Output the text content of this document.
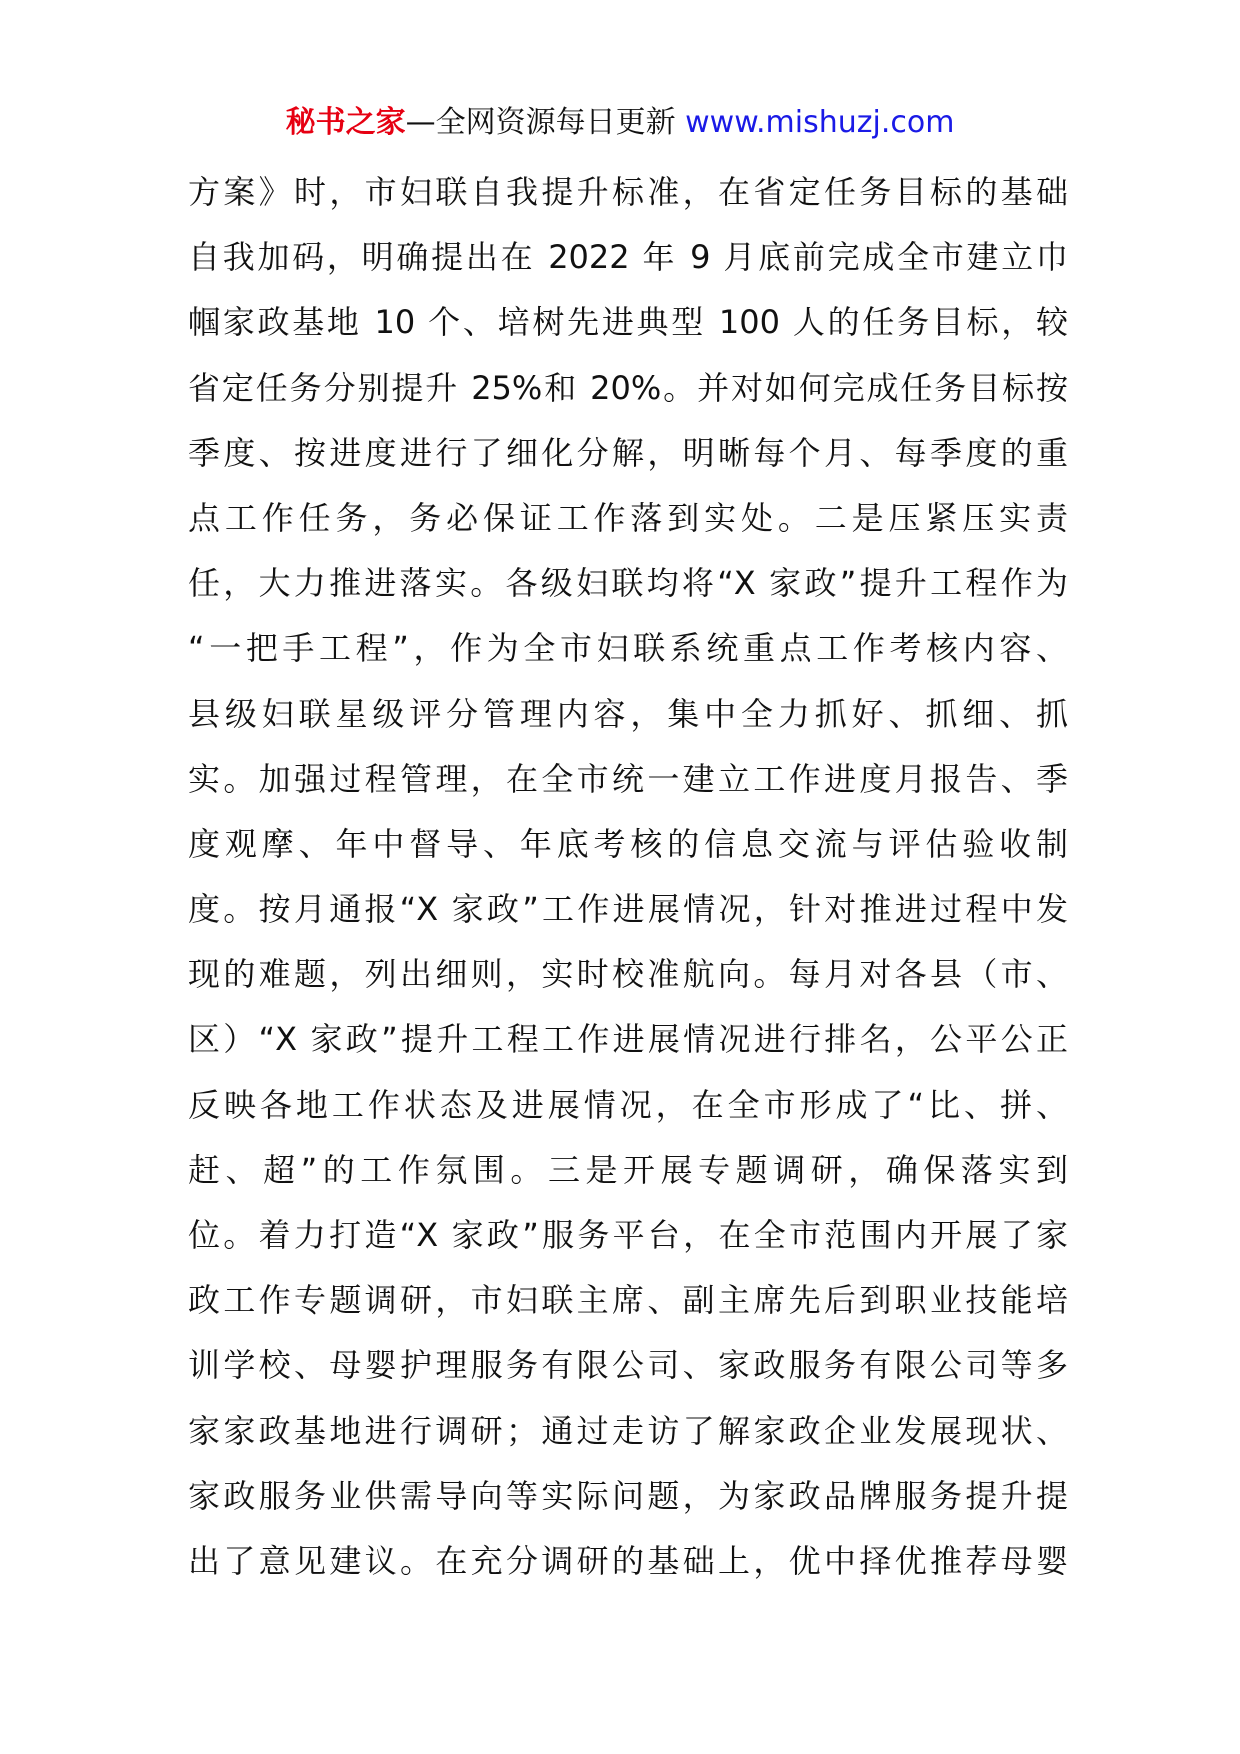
秘书之家—全网资源每日更新 www.mishuzj.com
方案》时，市妇联自我提升标准，在省定任务目标的基础
自我加码，明确提出在 2022 年 9 月底前完成全市建立巾
帼家政基地 10 个、培树先进典型 100 人的任务目标，较
省定任务分别提升 25%和 20%。并对如何完成任务目标按
季度、按进度进行了细化分解，明晰每个月、每季度的重
点工作任务，务必保证工作落到实处。二是压紧压实责
任，大力推进落实。各级妇联均将“X 家政”提升工程作为
“一把手工程”，作为全市妇联系统重点工作考核内容、
县级妇联星级评分管理内容，集中全力抓好、抓细、抓
实。加强过程管理，在全市统一建立工作进度月报告、季
度观摩、年中督导、年底考核的信息交流与评估验收制
度。按月通报“X 家政”工作进展情况，针对推进过程中发
现的难题，列出细则，实时校准航向。每月对各县（市、
区）“X 家政”提升工程工作进展情况进行排名，公平公正
反映各地工作状态及进展情况，在全市形成了“比、拼、
赶、超”的工作氛围。三是开展专题调研，确保落实到
位。着力打造“X 家政”服务平台，在全市范围内开展了家
政工作专题调研，市妇联主席、副主席先后到职业技能培
训学校、母婴护理服务有限公司、家政服务有限公司等多
家家政基地进行调研；通过走访了解家政企业发展现状、
家政服务业供需导向等实际问题，为家政品牌服务提升提
出了意见建议。在充分调研的基础上，优中择优推荐母婴
